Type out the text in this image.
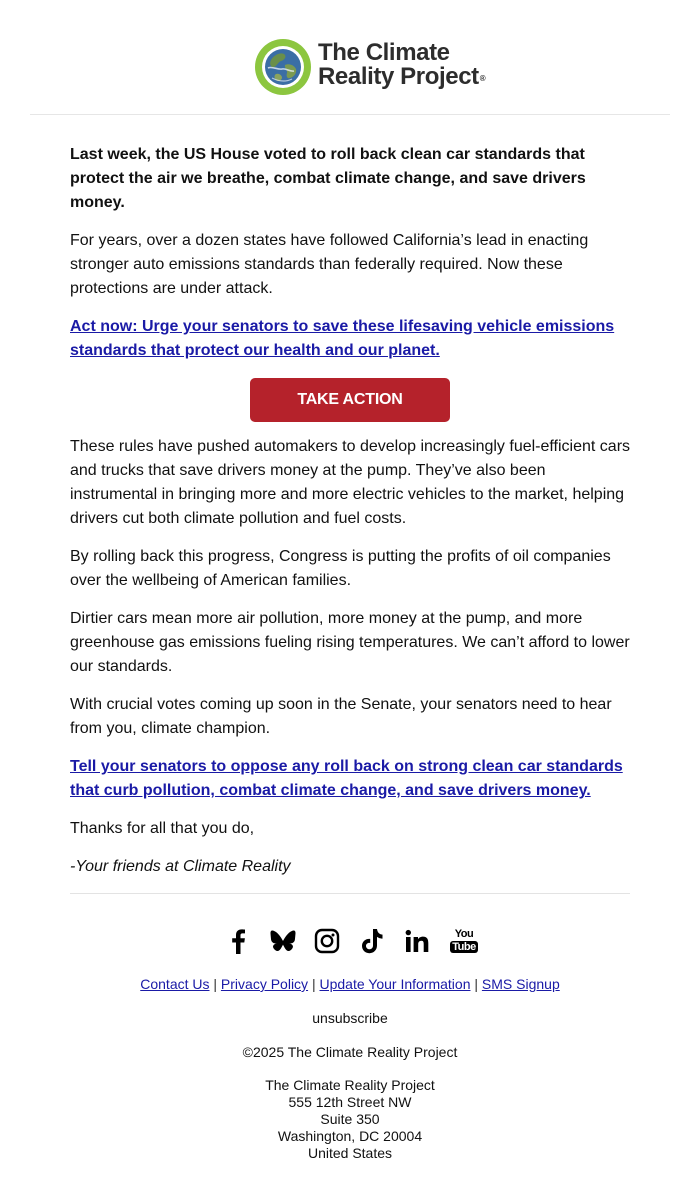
The Climate
Reality Project®

Last week, the US House voted to roll back clean car standards that protect the air we breathe, combat climate change, and save drivers money.

For years, over a dozen states have followed California’s lead in enacting stronger auto emissions standards than federally required. Now these protections are under attack.

Act now: Urge your senators to save these lifesaving vehicle emissions standards that protect our health and our planet.

TAKE ACTION

These rules have pushed automakers to develop increasingly fuel-efficient cars and trucks that save drivers money at the pump. They’ve also been instrumental in bringing more and more electric vehicles to the market, helping drivers cut both climate pollution and fuel costs.

By rolling back this progress, Congress is putting the profits of oil companies over the wellbeing of American families.

Dirtier cars mean more air pollution, more money at the pump, and more greenhouse gas emissions fueling rising temperatures. We can’t afford to lower our standards.

With crucial votes coming up soon in the Senate, your senators need to hear from you, climate champion.

Tell your senators to oppose any roll back on strong clean car standards that curb pollution, combat climate change, and save drivers money.

Thanks for all that you do,

-Your friends at Climate Reality

You
Tube
Contact Us | Privacy Policy | Update Your Information | SMS Signup
unsubscribe
©2025 The Climate Reality Project
The Climate Reality Project
555 12th Street NW
Suite 350
Washington, DC 20004
United States
